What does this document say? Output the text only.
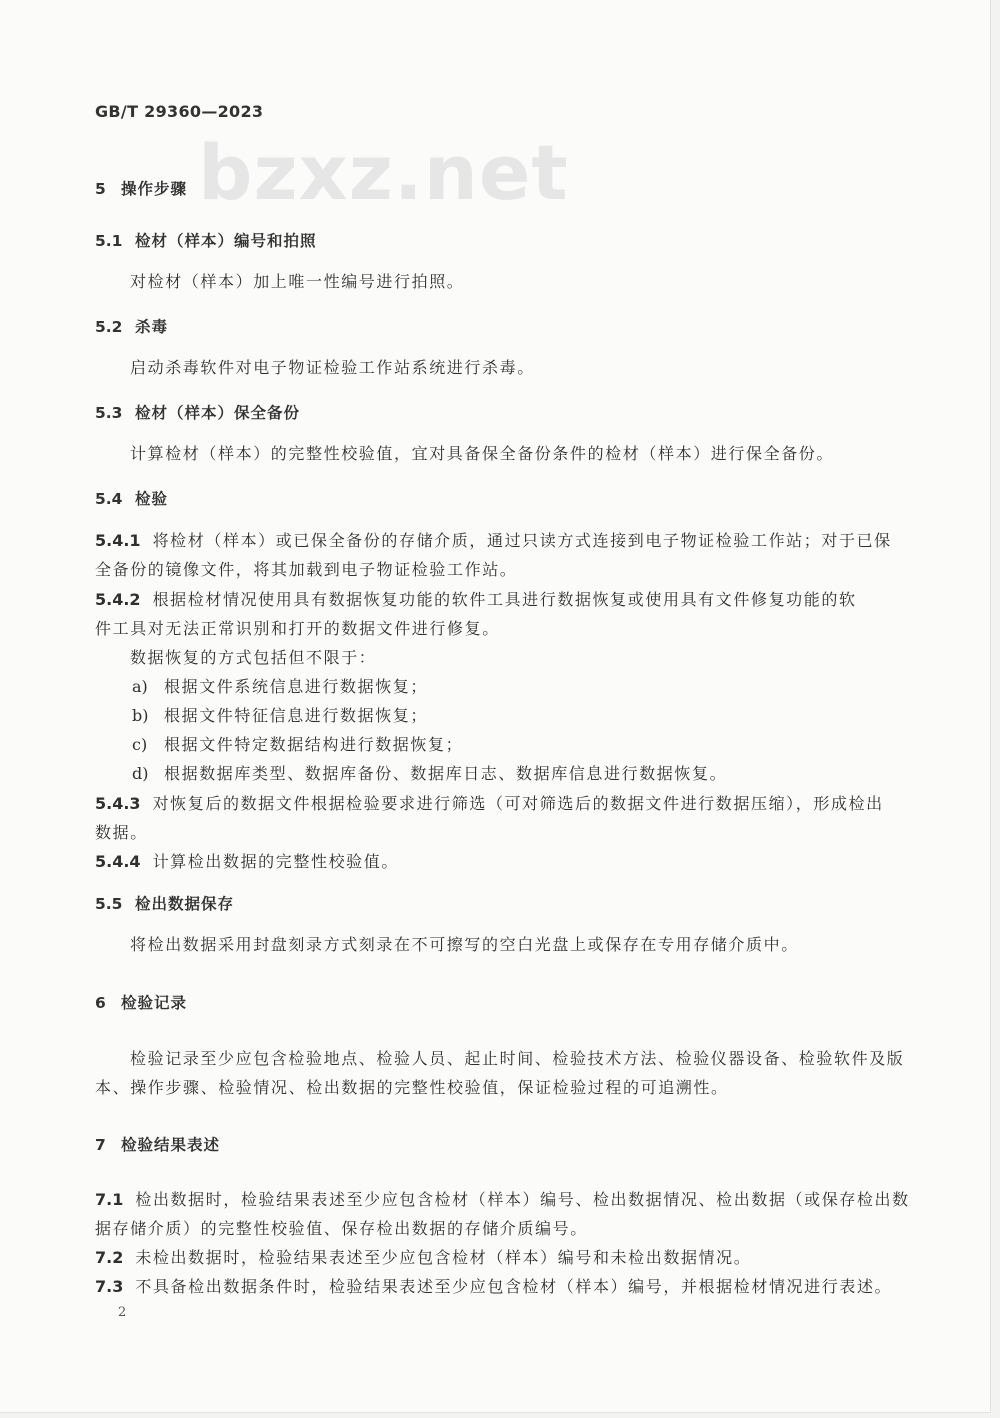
GB/T 29360—2023
bzxz.net
5 操作步骤
5.1 检材（样本）编号和拍照
对检材（样本）加上唯一性编号进行拍照。
5.2 杀毒
启动杀毒软件对电子物证检验工作站系统进行杀毒。
5.3 检材（样本）保全备份
计算检材（样本）的完整性校验值，宜对具备保全备份条件的检材（样本）进行保全备份。
5.4 检验
5.4.1 将检材（样本）或已保全备份的存储介质，通过只读方式连接到电子物证检验工作站；对于已保
全备份的镜像文件，将其加载到电子物证检验工作站。
5.4.2 根据检材情况使用具有数据恢复功能的软件工具进行数据恢复或使用具有文件修复功能的软
件工具对无法正常识别和打开的数据文件进行修复。
数据恢复的方式包括但不限于：
a) 根据文件系统信息进行数据恢复；
b) 根据文件特征信息进行数据恢复；
c) 根据文件特定数据结构进行数据恢复；
d) 根据数据库类型、数据库备份、数据库日志、数据库信息进行数据恢复。
5.4.3 对恢复后的数据文件根据检验要求进行筛选（可对筛选后的数据文件进行数据压缩），形成检出
数据。
5.4.4 计算检出数据的完整性校验值。
5.5 检出数据保存
将检出数据采用封盘刻录方式刻录在不可擦写的空白光盘上或保存在专用存储介质中。
6 检验记录
检验记录至少应包含检验地点、检验人员、起止时间、检验技术方法、检验仪器设备、检验软件及版
本、操作步骤、检验情况、检出数据的完整性校验值，保证检验过程的可追溯性。
7 检验结果表述
7.1 检出数据时，检验结果表述至少应包含检材（样本）编号、检出数据情况、检出数据（或保存检出数
据存储介质）的完整性校验值、保存检出数据的存储介质编号。
7.2 未检出数据时，检验结果表述至少应包含检材（样本）编号和未检出数据情况。
7.3 不具备检出数据条件时，检验结果表述至少应包含检材（样本）编号，并根据检材情况进行表述。
2
